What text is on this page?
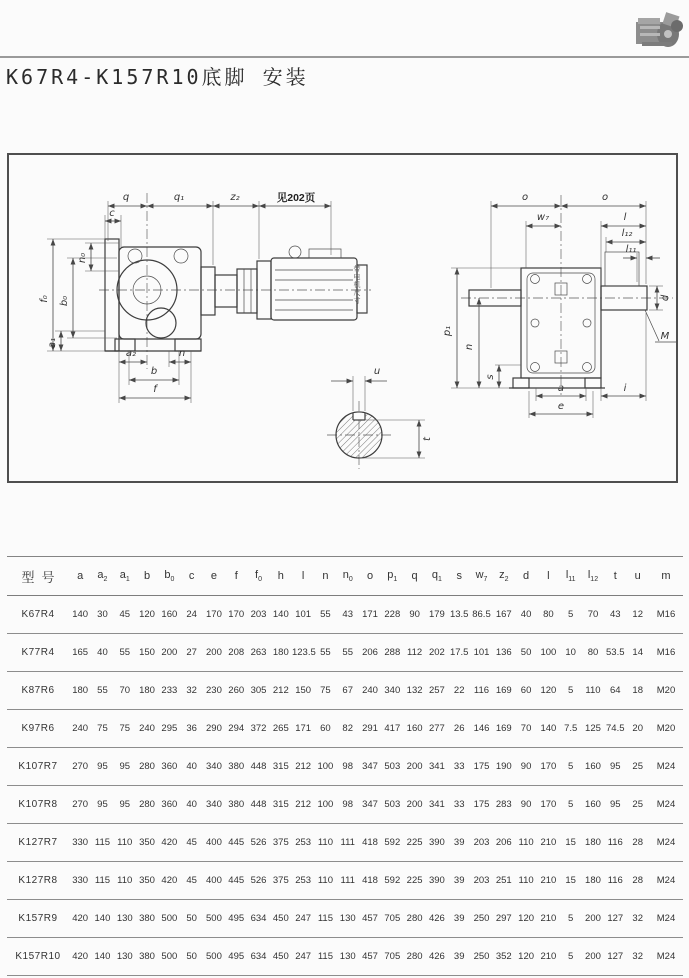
K67R4-K157R10底脚 安装
q	q₁	z₂	见202页
c
f₀ b₀
n₀
a₁
a₂	n
b
f
o	o
w₇	l
l₁₂
l₁₁
d
M
p₁
n
s
a	i
e
u
t
带电机尺寸
型号	a	$a_2$	$a_1$	b	$b_0$	c	e	f	$f_0$	h	l	n	$n_0$	o	$p_1$	q	$q_1$	s	$w_7$	$z_2$	d	l	$l_{11}$	$l_{12}$	t	u	m
K67R4	140	30	45	120	160	24	170	170	203	140	101	55	43	171	228	90	179	13.5	86.5	167	40	80	5	70	43	12	M16
K77R4	165	40	55	150	200	27	200	208	263	180	123.5	55	55	206	288	112	202	17.5	101	136	50	100	10	80	53.5	14	M16
K87R6	180	55	70	180	233	32	230	260	305	212	150	75	67	240	340	132	257	22	116	169	60	120	5	110	64	18	M20
K97R6	240	75	75	240	295	36	290	294	372	265	171	60	82	291	417	160	277	26	146	169	70	140	7.5	125	74.5	20	M20
K107R7	270	95	95	280	360	40	340	380	448	315	212	100	98	347	503	200	341	33	175	190	90	170	5	160	95	25	M24
K107R8	270	95	95	280	360	40	340	380	448	315	212	100	98	347	503	200	341	33	175	283	90	170	5	160	95	25	M24
K127R7	330	115	110	350	420	45	400	445	526	375	253	110	111	418	592	225	390	39	203	206	110	210	15	180	116	28	M24
K127R8	330	115	110	350	420	45	400	445	526	375	253	110	111	418	592	225	390	39	203	251	110	210	15	180	116	28	M24
K157R9	420	140	130	380	500	50	500	495	634	450	247	115	130	457	705	280	426	39	250	297	120	210	5	200	127	32	M24
K157R10	420	140	130	380	500	50	500	495	634	450	247	115	130	457	705	280	426	39	250	352	120	210	5	200	127	32	M24
